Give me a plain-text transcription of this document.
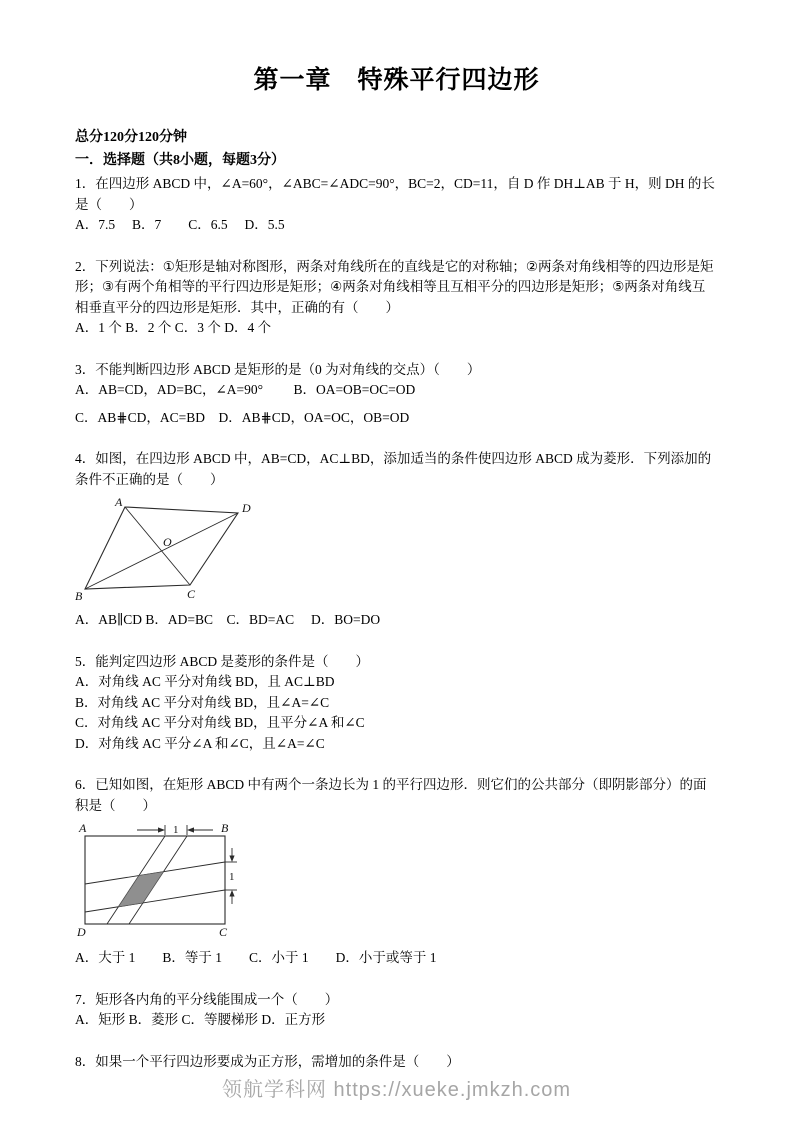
第一章　特殊平行四边形

总分120分120分钟

一．选择题（共8小题，每题3分）

1．在四边形 ABCD 中，∠A=60°，∠ABC=∠ADC=90°，BC=2，CD=11，自 D 作 DH⊥AB 于 H，则 DH 的长是（　　）

A．7.5　 B．7　　C．6.5　 D．5.5

2．下列说法：①矩形是轴对称图形，两条对角线所在的直线是它的对称轴；②两条对角线相等的四边形是矩形；③有两个角相等的平行四边形是矩形；④两条对角线相等且互相平分的四边形是矩形；⑤两条对角线互相垂直平分的四边形是矩形．其中，正确的有（　　）

A．1 个 B．2 个 C．3 个 D．4 个

3．不能判断四边形 ABCD 是矩形的是（0 为对角线的交点）（　　）

A．AB=CD，AD=BC，∠A=90°　　 B．OA=OB=OC=OD

C．AB⋕CD，AC=BD　D．AB⋕CD，OA=OC，OB=OD

4．如图，在四边形 ABCD 中，AB=CD，AC⊥BD，添加适当的条件使四边形 ABCD 成为菱形．下列添加的条件不正确的是（　　）

A	D
B	C
O

A．AB∥CD B．AD=BC　C．BD=AC　 D．BO=DO

5．能判定四边形 ABCD 是菱形的条件是（　　）

A．对角线 AC 平分对角线 BD，且 AC⊥BD

B．对角线 AC 平分对角线 BD，且∠A=∠C

C．对角线 AC 平分对角线 BD，且平分∠A 和∠C

D．对角线 AC 平分∠A 和∠C，且∠A=∠C

6．已知如图，在矩形 ABCD 中有两个一条边长为 1 的平行四边形．则它们的公共部分（即阴影部分）的面积是（　　）

1
1
A	B
D	C

A．大于 1　　B．等于 1　　C．小于 1　　D．小于或等于 1

7．矩形各内角的平分线能围成一个（　　）

A．矩形 B．菱形 C．等腰梯形 D．正方形

8．如果一个平行四边形要成为正方形，需增加的条件是（　　）

领航学科网 https://xueke.jmkzh.com
